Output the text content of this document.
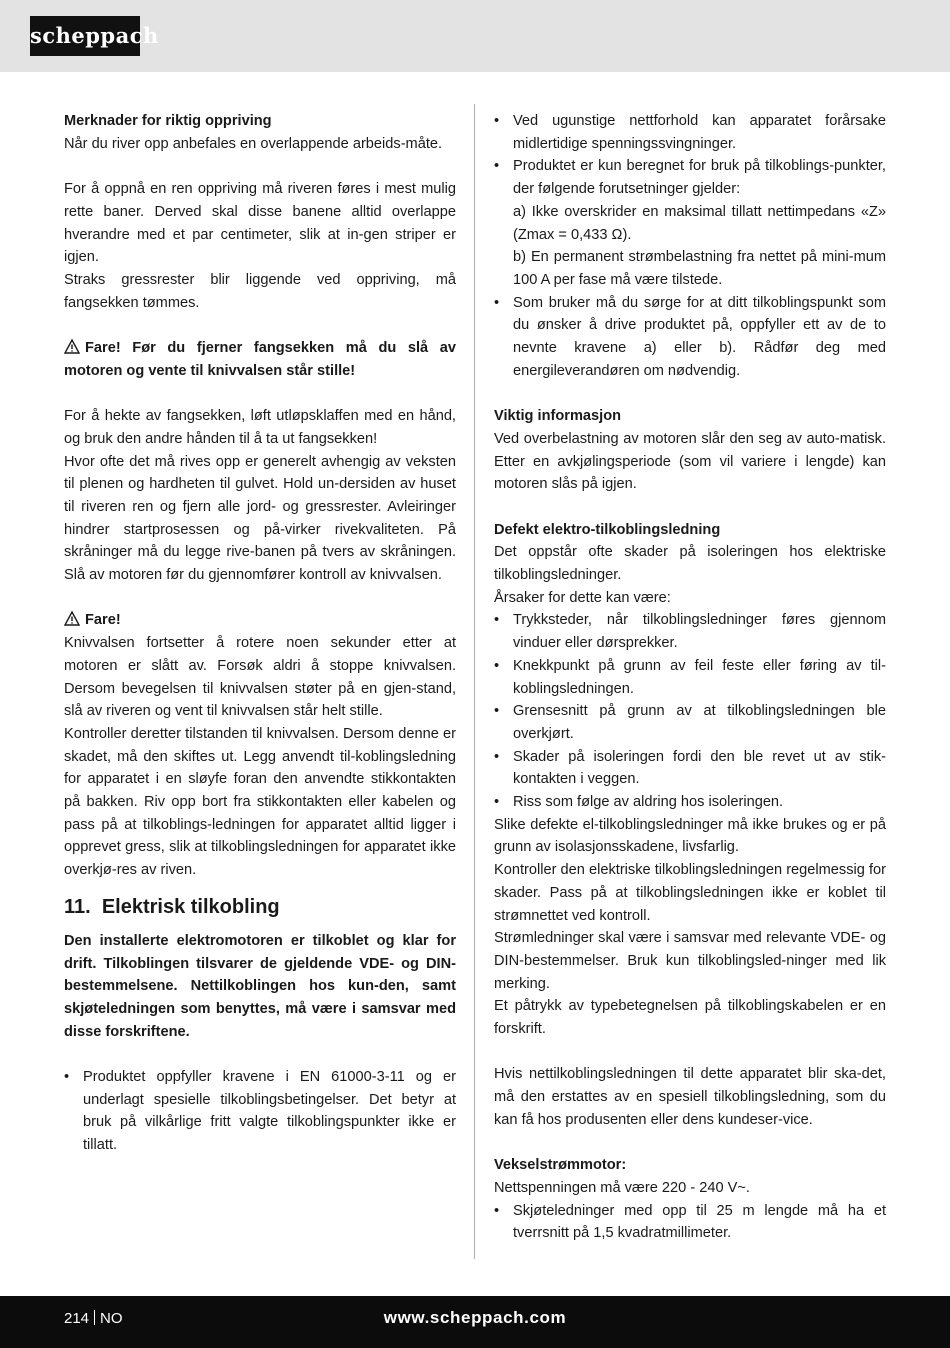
scheppach

Merknader for riktig oppriving

Når du river opp anbefales en overlappende arbeids-måte.

For å oppnå en ren oppriving må riveren føres i mest mulig rette baner. Derved skal disse banene alltid overlappe hverandre med et par centimeter, slik at in-gen striper er igjen.

Straks gressrester blir liggende ved oppriving, må fangsekken tømmes.

Fare! Før du fjerner fangsekken må du slå av motoren og vente til knivvalsen står stille!

For å hekte av fangsekken, løft utløpsklaffen med en hånd, og bruk den andre hånden til å ta ut fangsekken!

Hvor ofte det må rives opp er generelt avhengig av veksten til plenen og hardheten til gulvet. Hold un-dersiden av huset til riveren ren og fjern alle jord- og gressrester. Avleiringer hindrer startprosessen og på-virker rivekvaliteten. På skråninger må du legge rive-banen på tvers av skråningen. Slå av motoren før du gjennomfører kontroll av knivvalsen.

Fare!

Knivvalsen fortsetter å rotere noen sekunder etter at motoren er slått av. Forsøk aldri å stoppe knivvalsen. Dersom bevegelsen til knivvalsen støter på en gjen-stand, slå av riveren og vent til knivvalsen står helt stille.

Kontroller deretter tilstanden til knivvalsen. Dersom denne er skadet, må den skiftes ut. Legg anvendt til-koblingsledning for apparatet i en sløyfe foran den anvendte stikkontakten på bakken. Riv opp bort fra stikkontakten eller kabelen og pass på at tilkoblings-ledningen for apparatet alltid ligger i opprevet gress, slik at tilkoblingsledningen for apparatet ikke overkjø-res av riven.

11. Elektrisk tilkobling

Den installerte elektromotoren er tilkoblet og klar for drift. Tilkoblingen tilsvarer de gjeldende VDE- og DIN-bestemmelsene. Nettilkoblingen hos kun-den, samt skjøteledningen som benyttes, må være i samsvar med disse forskriftene.

• Produktet oppfyller kravene i EN 61000-3-11 og er underlagt spesielle tilkoblingsbetingelser. Det betyr at bruk på vilkårlige fritt valgte tilkoblingspunkter ikke er tillatt.
• Ved ugunstige nettforhold kan apparatet forårsake midlertidige spenningssvingninger.
• Produktet er kun beregnet for bruk på tilkoblings-punkter, der følgende forutsetninger gjelder:
a) Ikke overskrider en maksimal tillatt nettimpedans «Z» (Zmax = 0,433 Ω).
b) En permanent strømbelastning fra nettet på mini-mum 100 A per fase må være tilstede.
• Som bruker må du sørge for at ditt tilkoblingspunkt som du ønsker å drive produktet på, oppfyller ett av de to nevnte kravene a) eller b). Rådfør deg med energileverandøren om nødvendig.

Viktig informasjon

Ved overbelastning av motoren slår den seg av auto-matisk. Etter en avkjølingsperiode (som vil variere i lengde) kan motoren slås på igjen.

Defekt elektro-tilkoblingsledning

Det oppstår ofte skader på isoleringen hos elektriske tilkoblingsledninger.

Årsaker for dette kan være:

• Trykksteder, når tilkoblingsledninger føres gjennom vinduer eller dørsprekker.
• Knekkpunkt på grunn av feil feste eller føring av til-koblingsledningen.
• Grensesnitt på grunn av at tilkoblingsledningen ble overkjørt.
• Skader på isoleringen fordi den ble revet ut av stik-kontakten i veggen.
• Riss som følge av aldring hos isoleringen.

Slike defekte el-tilkoblingsledninger må ikke brukes og er på grunn av isolasjonsskadene, livsfarlig.

Kontroller den elektriske tilkoblingsledningen regelmessig for skader. Pass på at tilkoblingsledningen ikke er koblet til strømnettet ved kontroll.

Strømledninger skal være i samsvar med relevante VDE- og DIN-bestemmelser. Bruk kun tilkoblingsled-ninger med lik merking.

Et påtrykk av typebetegnelsen på tilkoblingskabelen er en forskrift.

Hvis nettilkoblingsledningen til dette apparatet blir ska-det, må den erstattes av en spesiell tilkoblingsledning, som du kan få hos produsenten eller dens kundeser-vice.

Vekselstrømmotor:

Nettspenningen må være 220 - 240 V~.

• Skjøteledninger med opp til 25 m lengde må ha et tverrsnitt på 1,5 kvadratmillimeter.
214 NO	www.scheppach.com
